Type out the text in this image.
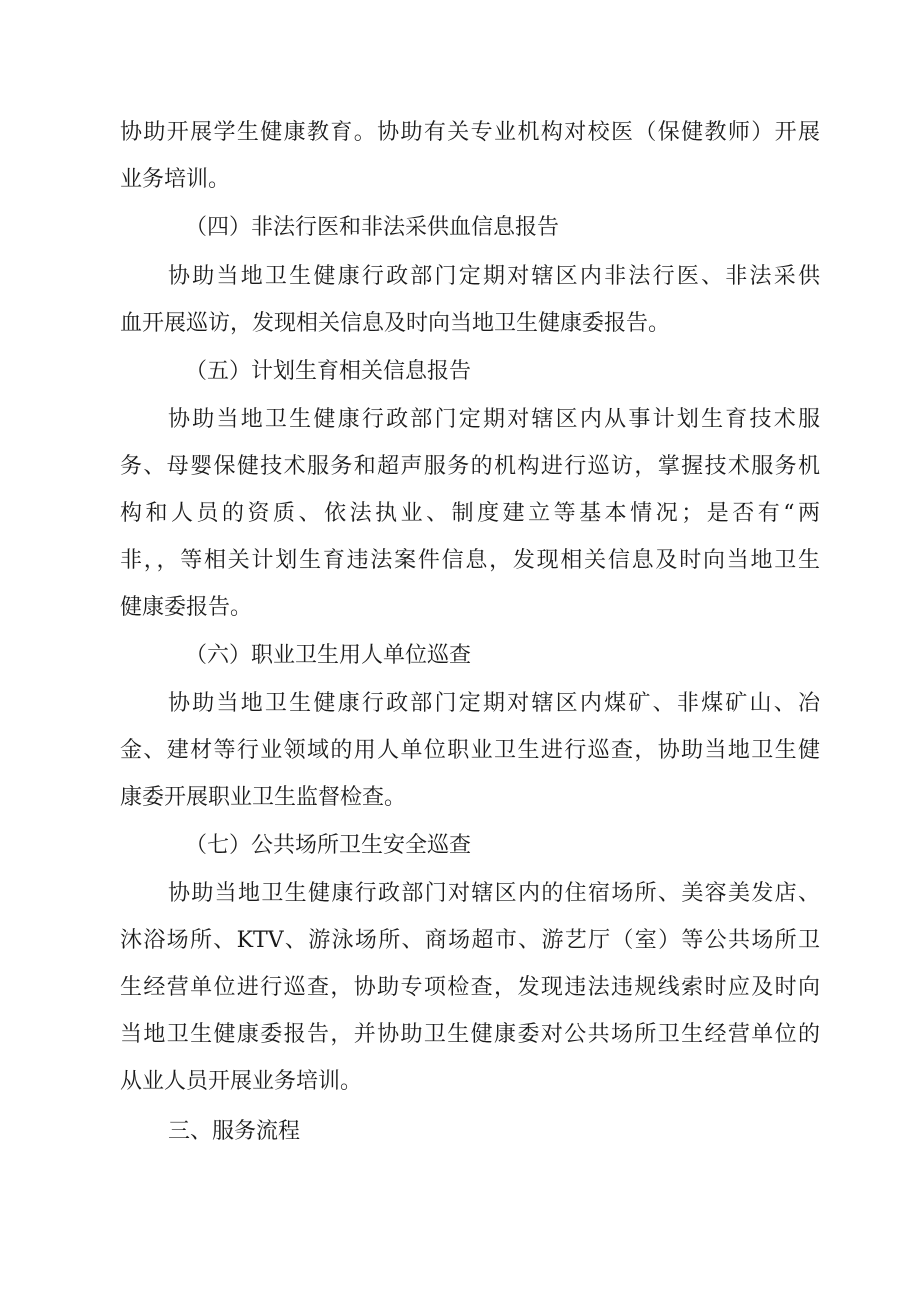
协助开展学生健康教育。协助有关专业机构对校医（保健教师）开展
业务培训。
（四）非法行医和非法采供血信息报告
协助当地卫生健康行政部门定期对辖区内非法行医、非法采供
血开展巡访，发现相关信息及时向当地卫生健康委报告。
（五）计划生育相关信息报告
协助当地卫生健康行政部门定期对辖区内从事计划生育技术服
务、母婴保健技术服务和超声服务的机构进行巡访，掌握技术服务机
构和人员的资质、依法执业、制度建立等基本情况；是否有“两
非，，等相关计划生育违法案件信息，发现相关信息及时向当地卫生
健康委报告。
（六）职业卫生用人单位巡查
协助当地卫生健康行政部门定期对辖区内煤矿、非煤矿山、冶
金、建材等行业领域的用人单位职业卫生进行巡查，协助当地卫生健
康委开展职业卫生监督检查。
（七）公共场所卫生安全巡查
协助当地卫生健康行政部门对辖区内的住宿场所、美容美发店、
沐浴场所、KTV、游泳场所、商场超市、游艺厅（室）等公共场所卫
生经营单位进行巡查，协助专项检查，发现违法违规线索时应及时向
当地卫生健康委报告，并协助卫生健康委对公共场所卫生经营单位的
从业人员开展业务培训。
三、服务流程
